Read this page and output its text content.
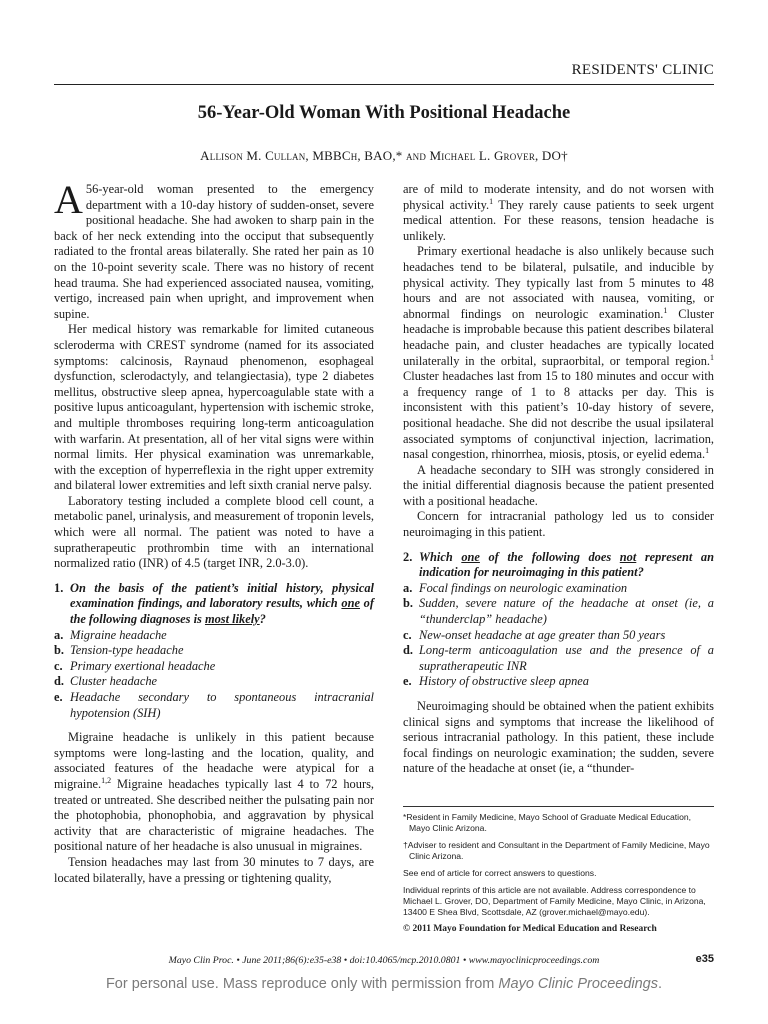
RESIDENTS' CLINIC
56-Year-Old Woman With Positional Headache
Allison M. Cullan, MBBCh, BAO,* and Michael L. Grover, DO†

A 56-year-old woman presented to the emergency department with a 10-day history of sudden-onset, severe positional headache. She had awoken to sharp pain in the back of her neck extending into the occiput that subsequently radiated to the frontal areas bilaterally. She rated her pain as 10 on the 10-point severity scale. There was no history of recent head trauma. She had experienced associated nausea, vomiting, vertigo, increased pain when upright, and improvement when supine.

Her medical history was remarkable for limited cutaneous scleroderma with CREST syndrome (named for its associated symptoms: calcinosis, Raynaud phenomenon, esophageal dysfunction, sclerodactyly, and telangiectasia), type 2 diabetes mellitus, obstructive sleep apnea, hypercoagulable state with a positive lupus anticoagulant, hypertension with ischemic stroke, and multiple thromboses requiring long-term anticoagulation with warfarin. At presentation, all of her vital signs were within normal limits. Her physical examination was unremarkable, with the exception of hyperreflexia in the right upper extremity and bilateral lower extremities and left sixth cranial nerve palsy.

Laboratory testing included a complete blood cell count, a metabolic panel, urinalysis, and measurement of troponin levels, which were all normal. The patient was noted to have a supratherapeutic prothrombin time with an international normalized ratio (INR) of 4.5 (target INR, 2.0-3.0).

1. On the basis of the patient’s initial history, physical examination findings, and laboratory results, which one of the following diagnoses is most likely?
a. Migraine headache
b. Tension-type headache
c. Primary exertional headache
d. Cluster headache
e. Headache secondary to spontaneous intracranial hypotension (SIH)

Migraine headache is unlikely in this patient because symptoms were long-lasting and the location, quality, and associated features of the headache were atypical for a migraine.$^{1,2}$ Migraine headaches typically last 4 to 72 hours, treated or untreated. She described neither the pulsating pain nor the photophobia, phonophobia, and aggravation by physical activity that are characteristic of migraine headaches. The positional nature of her headache is also unusual in migraines.

Tension headaches may last from 30 minutes to 7 days, are located bilaterally, have a pressing or tightening quality,

are of mild to moderate intensity, and do not worsen with physical activity.$^1$ They rarely cause patients to seek urgent medical attention. For these reasons, tension headache is unlikely.

Primary exertional headache is also unlikely because such headaches tend to be bilateral, pulsatile, and inducible by physical activity. They typically last from 5 minutes to 48 hours and are not associated with nausea, vomiting, or abnormal findings on neurologic examination.$^1$ Cluster headache is improbable because this patient describes bilateral headache pain, and cluster headaches are typically located unilaterally in the orbital, supraorbital, or temporal region.$^1$ Cluster headaches last from 15 to 180 minutes and occur with a frequency range of 1 to 8 attacks per day. This is inconsistent with this patient’s 10-day history of severe, positional headache. She did not describe the usual ipsilateral associated symptoms of conjunctival injection, lacrimation, nasal congestion, rhinorrhea, miosis, ptosis, or eyelid edema.$^1$

A headache secondary to SIH was strongly considered in the initial differential diagnosis because the patient presented with a positional headache.

Concern for intracranial pathology led us to consider neuroimaging in this patient.

2. Which one of the following does not represent an indication for neuroimaging in this patient?
a. Focal findings on neurologic examination
b. Sudden, severe nature of the headache at onset (ie, a “thunderclap” headache)
c. New-onset headache at age greater than 50 years
d. Long-term anticoagulation use and the presence of a supratherapeutic INR
e. History of obstructive sleep apnea

Neuroimaging should be obtained when the patient exhibits clinical signs and symptoms that increase the likelihood of serious intracranial pathology. In this patient, these include focal findings on neurologic examination; the sudden, severe nature of the headache at onset (ie, a “thunder-

*Resident in Family Medicine, Mayo School of Graduate Medical Education, Mayo Clinic Arizona.

†Adviser to resident and Consultant in the Department of Family Medicine, Mayo Clinic Arizona.

See end of article for correct answers to questions.

Individual reprints of this article are not available. Address correspondence to Michael L. Grover, DO, Department of Family Medicine, Mayo Clinic, in Arizona, 13400 E Shea Blvd, Scottsdale, AZ (grover.michael@mayo.edu).

© 2011 Mayo Foundation for Medical Education and Research

Mayo Clin Proc. • June 2011;86(6):e35-e38 • doi:10.4065/mcp.2010.0801 • www.mayoclinicproceedings.com	e35
For personal use. Mass reproduce only with permission from Mayo Clinic Proceedings.
